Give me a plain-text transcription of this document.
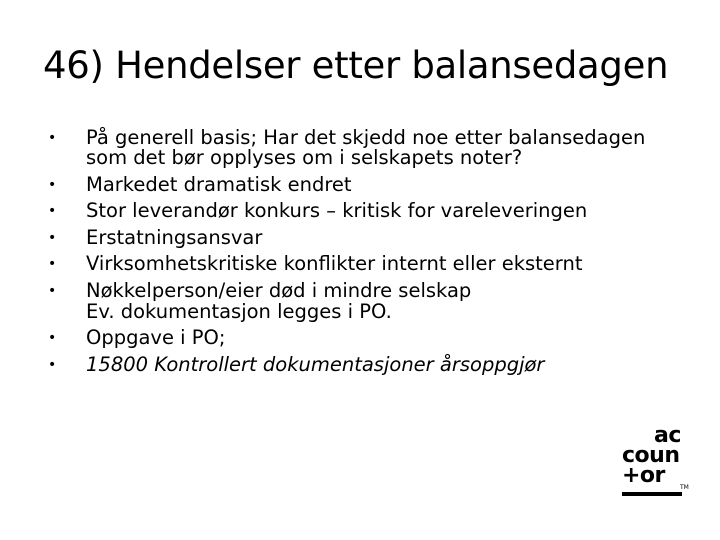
46) Hendelser etter balansedagen
• På generell basis; Har det skjedd noe etter balansedagen som det bør opplyses om i selskapets noter?
• Markedet dramatisk endret
• Stor leverandør konkurs – kritisk for vareleveringen
• Erstatningsansvar
• Virksomhetskritiske konflikter internt eller eksternt
• Nøkkelperson/eier død i mindre selskap
Ev. dokumentasjon legges i PO.
• Oppgave i PO;
• 15800 Kontrollert dokumentasjoner årsoppgjør
ac
coun
+or	TM
